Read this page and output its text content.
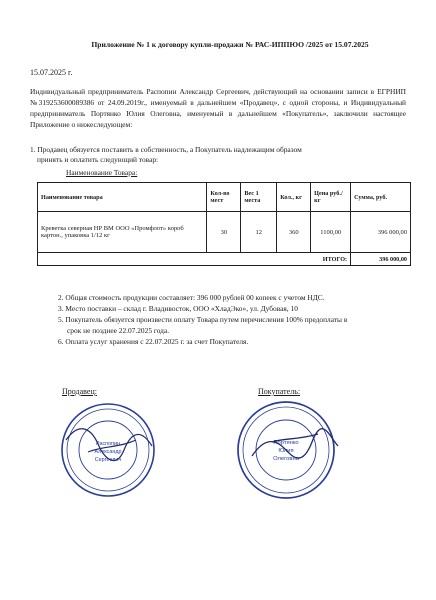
Приложение № 1 к договору купли-продажи № РАС-ИППЮО /2025 от 15.07.2025
15.07.2025 г.
Индивидуальный предприниматель Распопин Александр Сергеевич, действующий на основании записи в ЕГРНИП №319253600089386 от 24.09.2019г., именуемый в дальнейшем «Продавец», с одной стороны, и Индивидуальный предприниматель Портянко Юлия Олеговна, именуемый в дальнейшем «Покупатель», заключили настоящее Приложение о нижеследующем:
1. Продавец обязуется поставить в собственность, а Покупатель надлежащим образом
принять и оплатить следующий товар:
Наименование Товара:
Наименование товара	Кол-во мест	Вес 1 места	Кол., кг	Цена руб./кг	Сумма, руб.
Креветка северная НР ВМ ООО «Промфлот» короб картон., упаковка 1/12 кг	30	12	360	1100,00	396 000,00
ИТОГО:					396 000,00
2. Общая стоимость продукции составляет: 396 000 рублей 00 копеек с учетом НДС.
3. Место поставки – склад г. Владивосток, ООО «ХладЭко», ул. Дубовая, 10
5. Покупатель обязуется произвести оплату Товара путем перечисления 100% предоплаты в
срок не позднее 22.07.2025 года.
6. Оплата услуг хранения с 22.07.2025 г. за счет Покупателя.
Продавец:	Покупатель:
Распопин
Александр
Сергеевич
Портянко
Юлия
Олеговна
